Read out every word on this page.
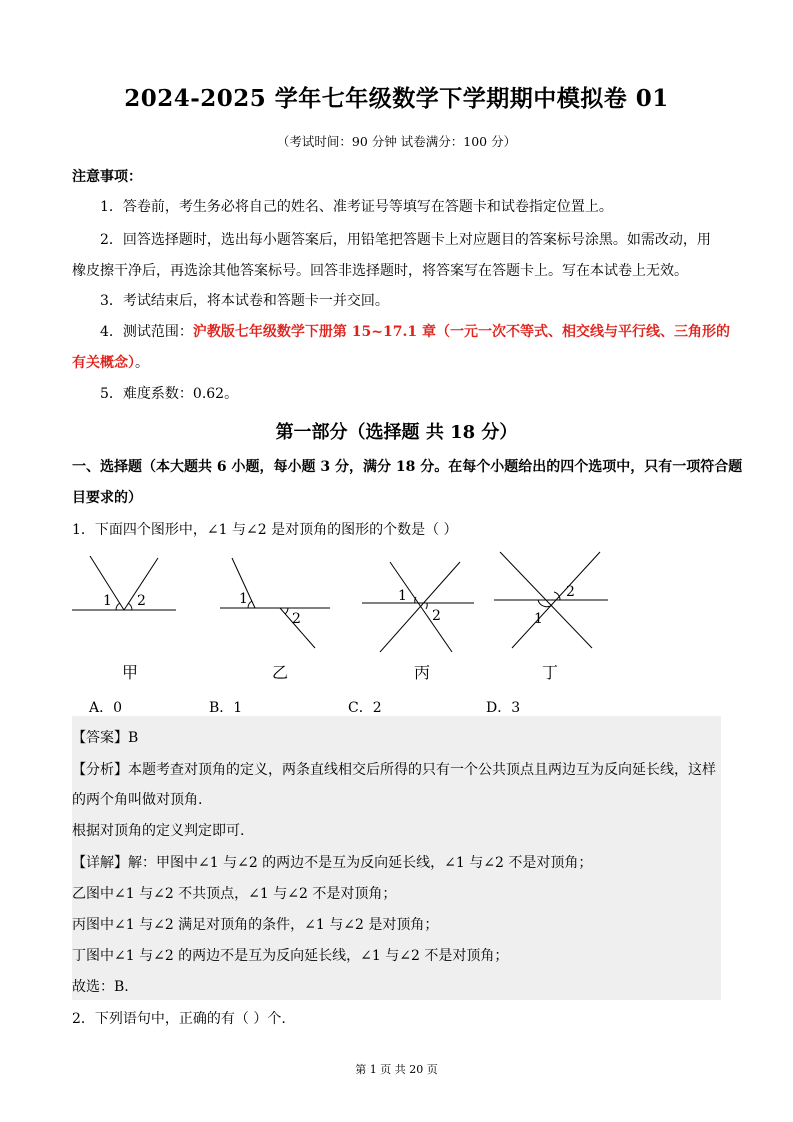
2024-2025 学年七年级数学下学期期中模拟卷 01
（考试时间：90 分钟 试卷满分：100 分）
注意事项：
1．答卷前，考生务必将自己的姓名、准考证号等填写在答题卡和试卷指定位置上。
2．回答选择题时，选出每小题答案后，用铅笔把答题卡上对应题目的答案标号涂黑。如需改动，用
橡皮擦干净后，再选涂其他答案标号。回答非选择题时，将答案写在答题卡上。写在本试卷上无效。
3．考试结束后，将本试卷和答题卡一并交回。
4．测试范围：沪教版七年级数学下册第 15~17.1 章（一元一次不等式、相交线与平行线、三角形的
有关概念）。
5．难度系数：0.62。
第一部分（选择题 共 18 分）
一、选择题（本大题共 6 小题，每小题 3 分，满分 18 分。在每个小题给出的四个选项中，只有一项符合题
目要求的）
1．下面四个图形中，∠1 与∠2 是对顶角的图形的个数是（ ）
1 2
甲
1
2
乙
1
2
丙
1
2
丁
A．0	B．1	C．2	D．3
【答案】B
【分析】本题考查对顶角的定义，两条直线相交后所得的只有一个公共顶点且两边互为反向延长线，这样
的两个角叫做对顶角.
根据对顶角的定义判定即可.
【详解】解：甲图中∠1 与∠2 的两边不是互为反向延长线，∠1 与∠2 不是对顶角；
乙图中∠1 与∠2 不共顶点，∠1 与∠2 不是对顶角；
丙图中∠1 与∠2 满足对顶角的条件，∠1 与∠2 是对顶角；
丁图中∠1 与∠2 的两边不是互为反向延长线，∠1 与∠2 不是对顶角；
故选：B.
2．下列语句中，正确的有（ ）个.
第 1 页 共 20 页
